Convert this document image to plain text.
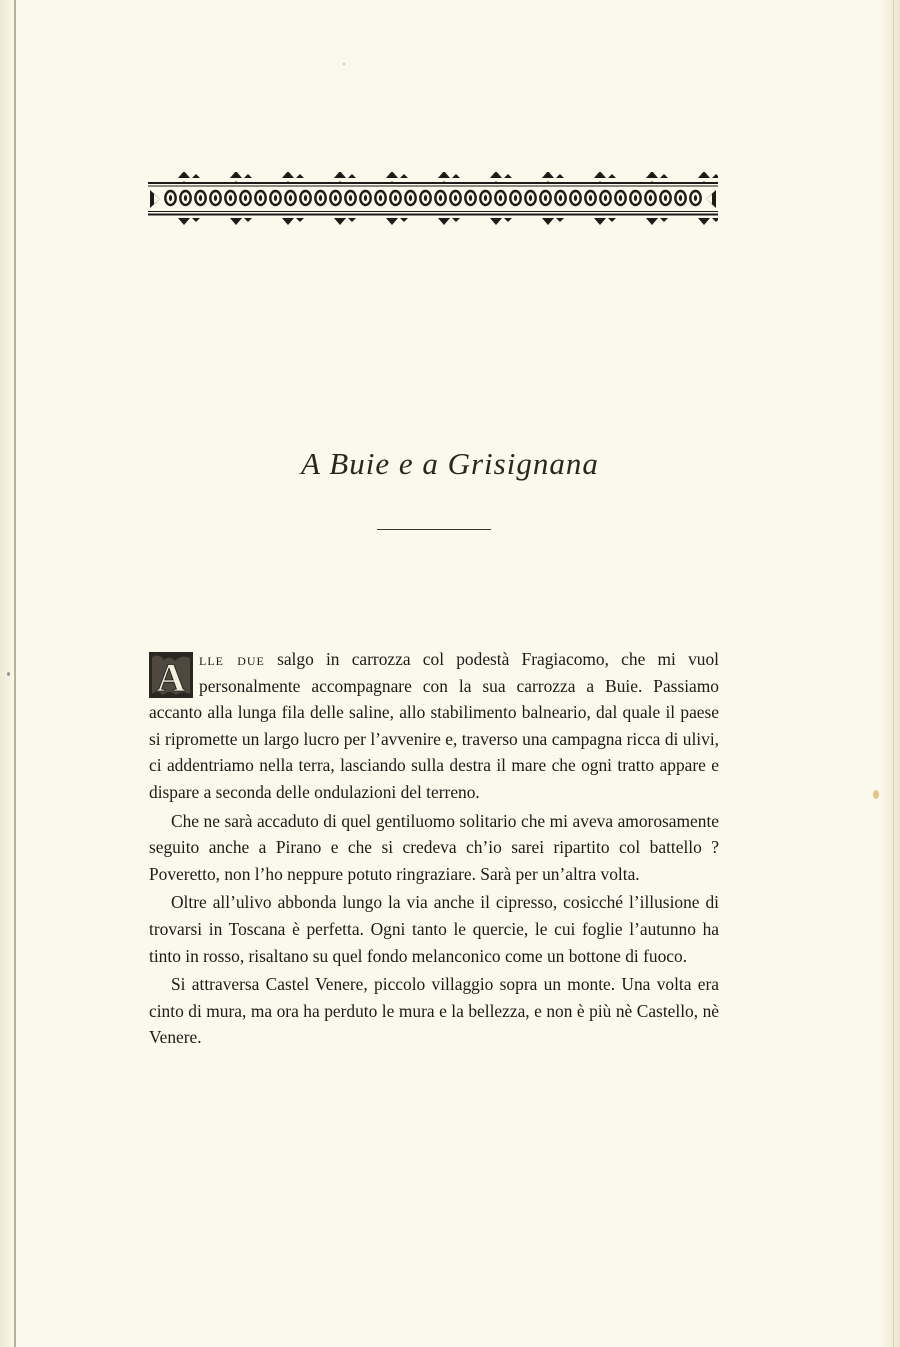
A Buie e a Grisignana

A lle due salgo in carrozza col podestà Fragiacomo, che mi vuol personalmente accompagnare con la sua carrozza a Buie. Passiamo accanto alla lunga fila delle saline, allo stabilimento balneario, dal quale il paese si ripromette un largo lucro per l’avvenire e, traverso una campagna ricca di ulivi, ci addentriamo nella terra, lasciando sulla destra il mare che ogni tratto appare e dispare a seconda delle ondulazioni del terreno.

Che ne sarà accaduto di quel gentiluomo solitario che mi aveva amorosamente seguito anche a Pirano e che si credeva ch’io sarei ripartito col battello ? Poveretto, non l’ho neppure potuto ringraziare. Sarà per un’altra volta.

Oltre all’ulivo abbonda lungo la via anche il cipresso, cosicché l’illusione di trovarsi in Toscana è perfetta. Ogni tanto le quercie, le cui foglie l’autunno ha tinto in rosso, risaltano su quel fondo melanconico come un bottone di fuoco.

Si attraversa Castel Venere, piccolo villaggio sopra un monte. Una volta era cinto di mura, ma ora ha perduto le mura e la bellezza, e non è più nè Castello, nè Venere.
